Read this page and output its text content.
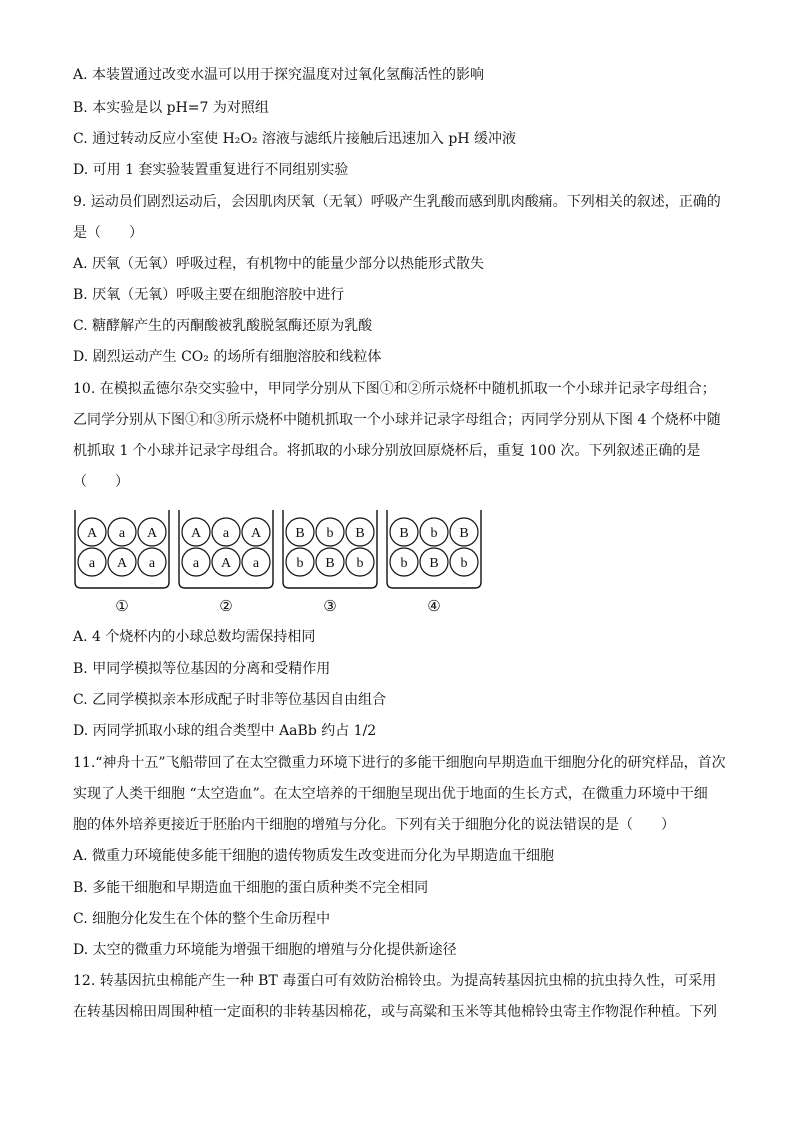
A. 本装置通过改变水温可以用于探究温度对过氧化氢酶活性的影响
B. 本实验是以 pH=7 为对照组
C. 通过转动反应小室使 H₂O₂ 溶液与滤纸片接触后迅速加入 pH 缓冲液
D. 可用 1 套实验装置重复进行不同组别实验
9. 运动员们剧烈运动后，会因肌肉厌氧（无氧）呼吸产生乳酸而感到肌肉酸痛。下列相关的叙述，正确的
是（　　）
A. 厌氧（无氧）呼吸过程，有机物中的能量少部分以热能形式散失
B. 厌氧（无氧）呼吸主要在细胞溶胶中进行
C. 糖酵解产生的丙酮酸被乳酸脱氢酶还原为乳酸
D. 剧烈运动产生 CO₂ 的场所有细胞溶胶和线粒体
10. 在模拟孟德尔杂交实验中，甲同学分别从下图①和②所示烧杯中随机抓取一个小球并记录字母组合；
乙同学分别从下图①和③所示烧杯中随机抓取一个小球并记录字母组合；丙同学分别从下图 4 个烧杯中随
机抓取 1 个小球并记录字母组合。将抓取的小球分别放回原烧杯后，重复 100 次。下列叙述正确的是
（　　）
A a A
a A a
①
A a A
a A a
②
B b B
b B b
③
B b B
b B b
④
A. 4 个烧杯内的小球总数均需保持相同
B. 甲同学模拟等位基因的分离和受精作用
C. 乙同学模拟亲本形成配子时非等位基因自由组合
D. 丙同学抓取小球的组合类型中 AaBb 约占 1/2
11.“神舟十五”飞船带回了在太空微重力环境下进行的多能干细胞向早期造血干细胞分化的研究样品，首次
实现了人类干细胞 “太空造血”。在太空培养的干细胞呈现出优于地面的生长方式，在微重力环境中干细
胞的体外培养更接近于胚胎内干细胞的增殖与分化。下列有关于细胞分化的说法错误的是（　　）
A. 微重力环境能使多能干细胞的遗传物质发生改变进而分化为早期造血干细胞
B. 多能干细胞和早期造血干细胞的蛋白质种类不完全相同
C. 细胞分化发生在个体的整个生命历程中
D. 太空的微重力环境能为增强干细胞的增殖与分化提供新途径
12. 转基因抗虫棉能产生一种 BT 毒蛋白可有效防治棉铃虫。为提高转基因抗虫棉的抗虫持久性，可采用
在转基因棉田周围种植一定面积的非转基因棉花，或与高粱和玉米等其他棉铃虫寄主作物混作种植。下列
